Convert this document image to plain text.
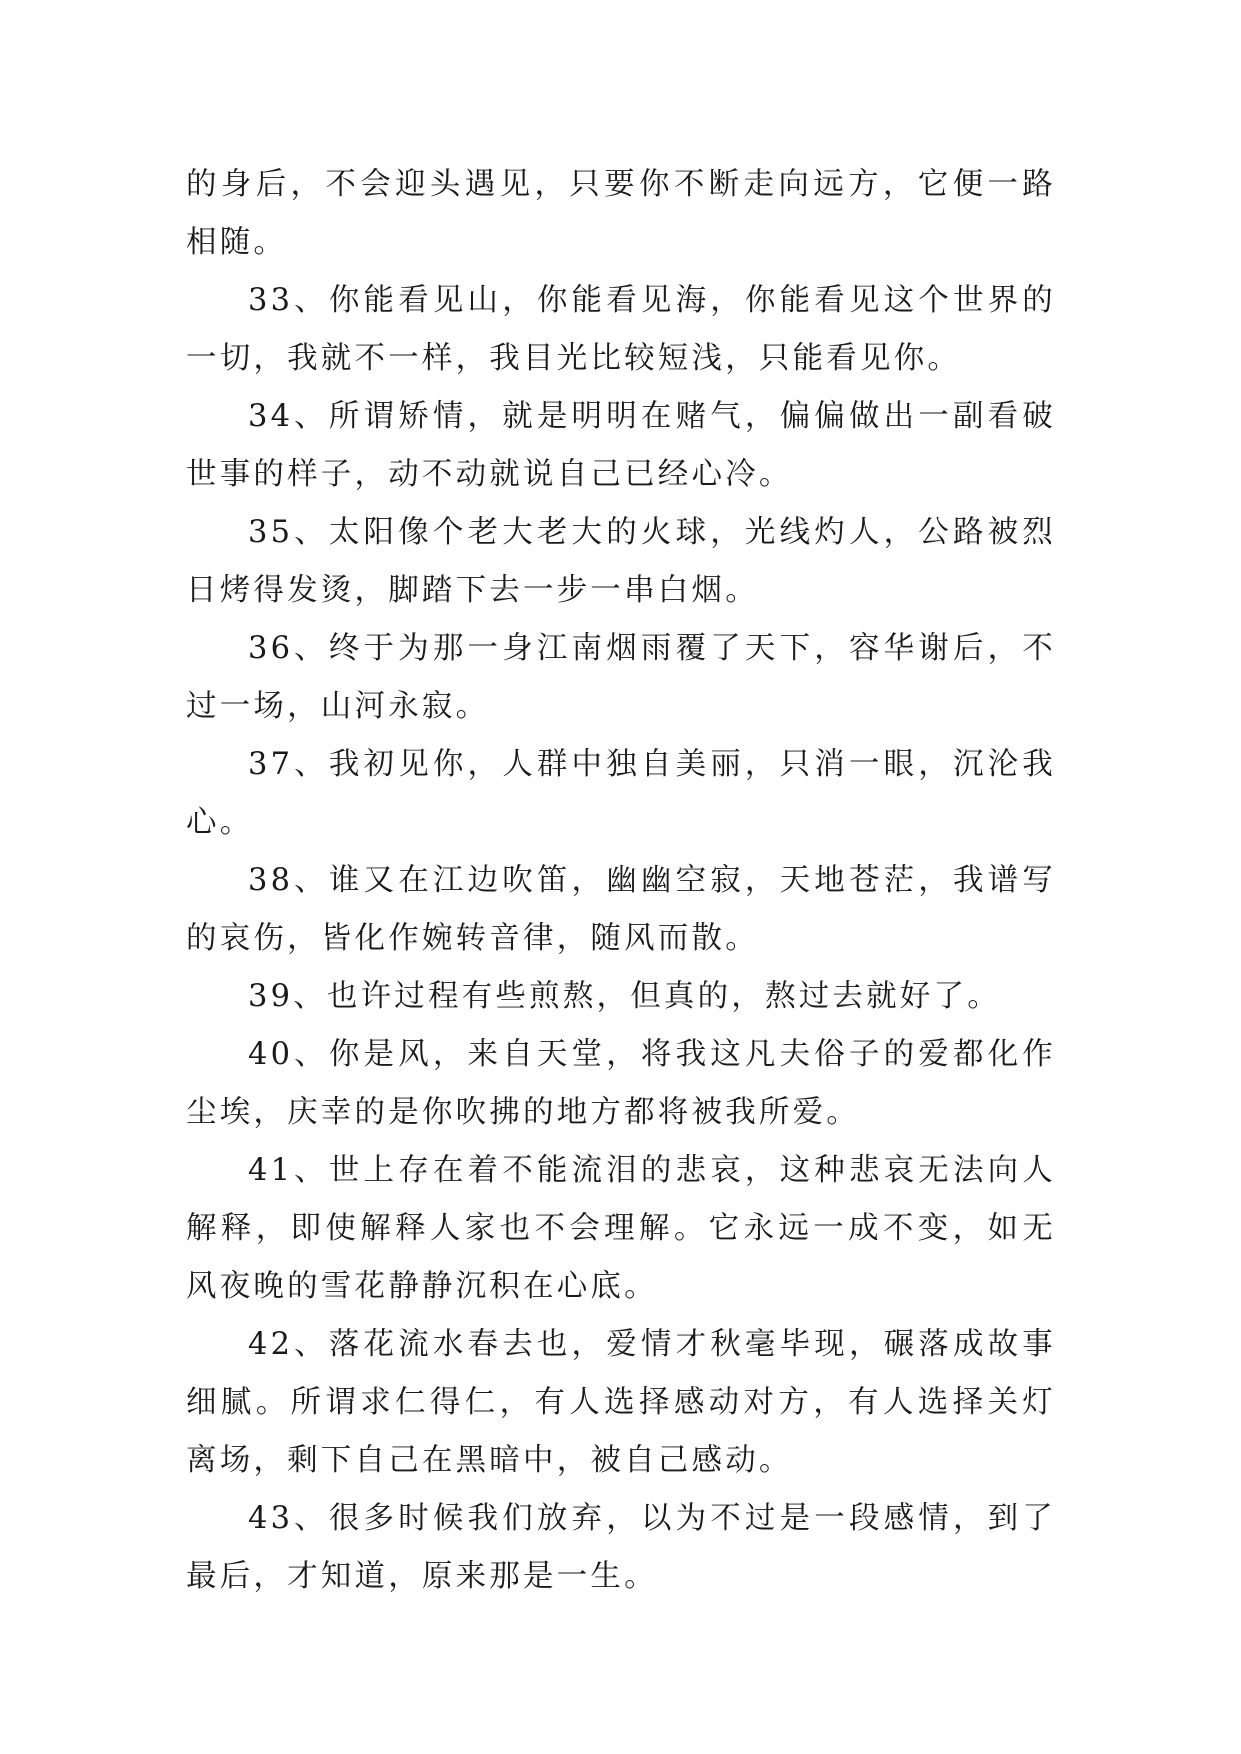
的身后，不会迎头遇见，只要你不断走向远方，它便一路相随。

33、你能看见山，你能看见海，你能看见这个世界的一切，我就不一样，我目光比较短浅，只能看见你。

34、所谓矫情，就是明明在赌气，偏偏做出一副看破世事的样子，动不动就说自己已经心冷。

35、太阳像个老大老大的火球，光线灼人，公路被烈日烤得发烫，脚踏下去一步一串白烟。

36、终于为那一身江南烟雨覆了天下，容华谢后，不过一场，山河永寂。

37、我初见你，人群中独自美丽，只消一眼，沉沦我心。

38、谁又在江边吹笛，幽幽空寂，天地苍茫，我谱写的哀伤，皆化作婉转音律，随风而散。

39、也许过程有些煎熬，但真的，熬过去就好了。

40、你是风，来自天堂，将我这凡夫俗子的爱都化作尘埃，庆幸的是你吹拂的地方都将被我所爱。

41、世上存在着不能流泪的悲哀，这种悲哀无法向人解释，即使解释人家也不会理解。它永远一成不变，如无风夜晚的雪花静静沉积在心底。

42、落花流水春去也，爱情才秋毫毕现，碾落成故事细腻。所谓求仁得仁，有人选择感动对方，有人选择关灯离场，剩下自己在黑暗中，被自己感动。

43、很多时候我们放弃，以为不过是一段感情，到了最后，才知道，原来那是一生。
